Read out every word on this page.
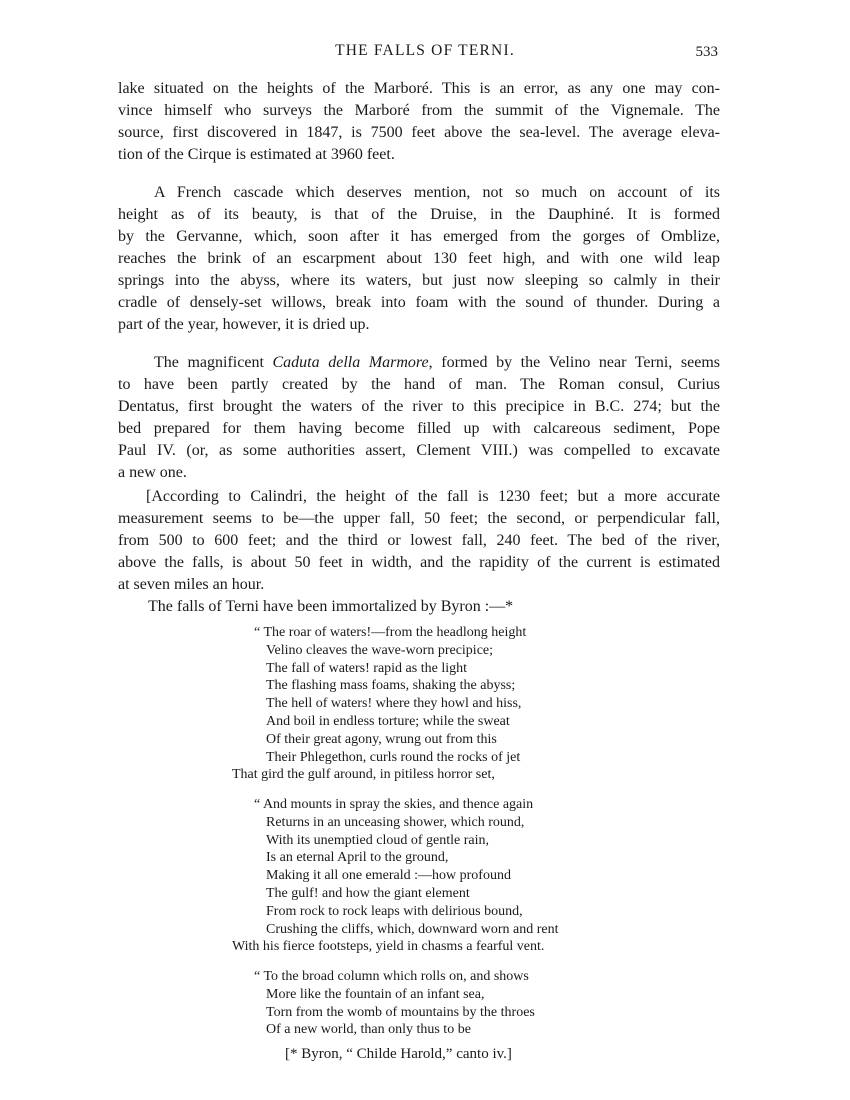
THE FALLS OF TERNI.	533

lake situated on the heights of the Marboré. This is an error, as any one may con-
vince himself who surveys the Marboré from the summit of the Vignemale. The
source, first discovered in 1847, is 7500 feet above the sea-level. The average eleva-
tion of the Cirque is estimated at 3960 feet.

A French cascade which deserves mention, not so much on account of its
height as of its beauty, is that of the Druise, in the Dauphiné. It is formed
by the Gervanne, which, soon after it has emerged from the gorges of Omblize,
reaches the brink of an escarpment about 130 feet high, and with one wild leap
springs into the abyss, where its waters, but just now sleeping so calmly in their
cradle of densely-set willows, break into foam with the sound of thunder. During a
part of the year, however, it is dried up.

The magnificent Caduta della Marmore, formed by the Velino near Terni, seems
to have been partly created by the hand of man. The Roman consul, Curius
Dentatus, first brought the waters of the river to this precipice in B.C. 274; but the
bed prepared for them having become filled up with calcareous sediment, Pope
Paul IV. (or, as some authorities assert, Clement VIII.) was compelled to excavate
a new one.

[According to Calindri, the height of the fall is 1230 feet; but a more accurate
measurement seems to be—the upper fall, 50 feet; the second, or perpendicular fall,
from 500 to 600 feet; and the third or lowest fall, 240 feet. The bed of the river,
above the falls, is about 50 feet in width, and the rapidity of the current is estimated
at seven miles an hour.

The falls of Terni have been immortalized by Byron :—*

“ The roar of waters!—from the headlong height
Velino cleaves the wave-worn precipice;
The fall of waters! rapid as the light
The flashing mass foams, shaking the abyss;
The hell of waters! where they howl and hiss,
And boil in endless torture; while the sweat
Of their great agony, wrung out from this
Their Phlegethon, curls round the rocks of jet
That gird the gulf around, in pitiless horror set,
“ And mounts in spray the skies, and thence again
Returns in an unceasing shower, which round,
With its unemptied cloud of gentle rain,
Is an eternal April to the ground,
Making it all one emerald :—how profound
The gulf! and how the giant element
From rock to rock leaps with delirious bound,
Crushing the cliffs, which, downward worn and rent
With his fierce footsteps, yield in chasms a fearful vent.
“ To the broad column which rolls on, and shows
More like the fountain of an infant sea,
Torn from the womb of mountains by the throes
Of a new world, than only thus to be
[* Byron, “ Childe Harold,” canto iv.]
